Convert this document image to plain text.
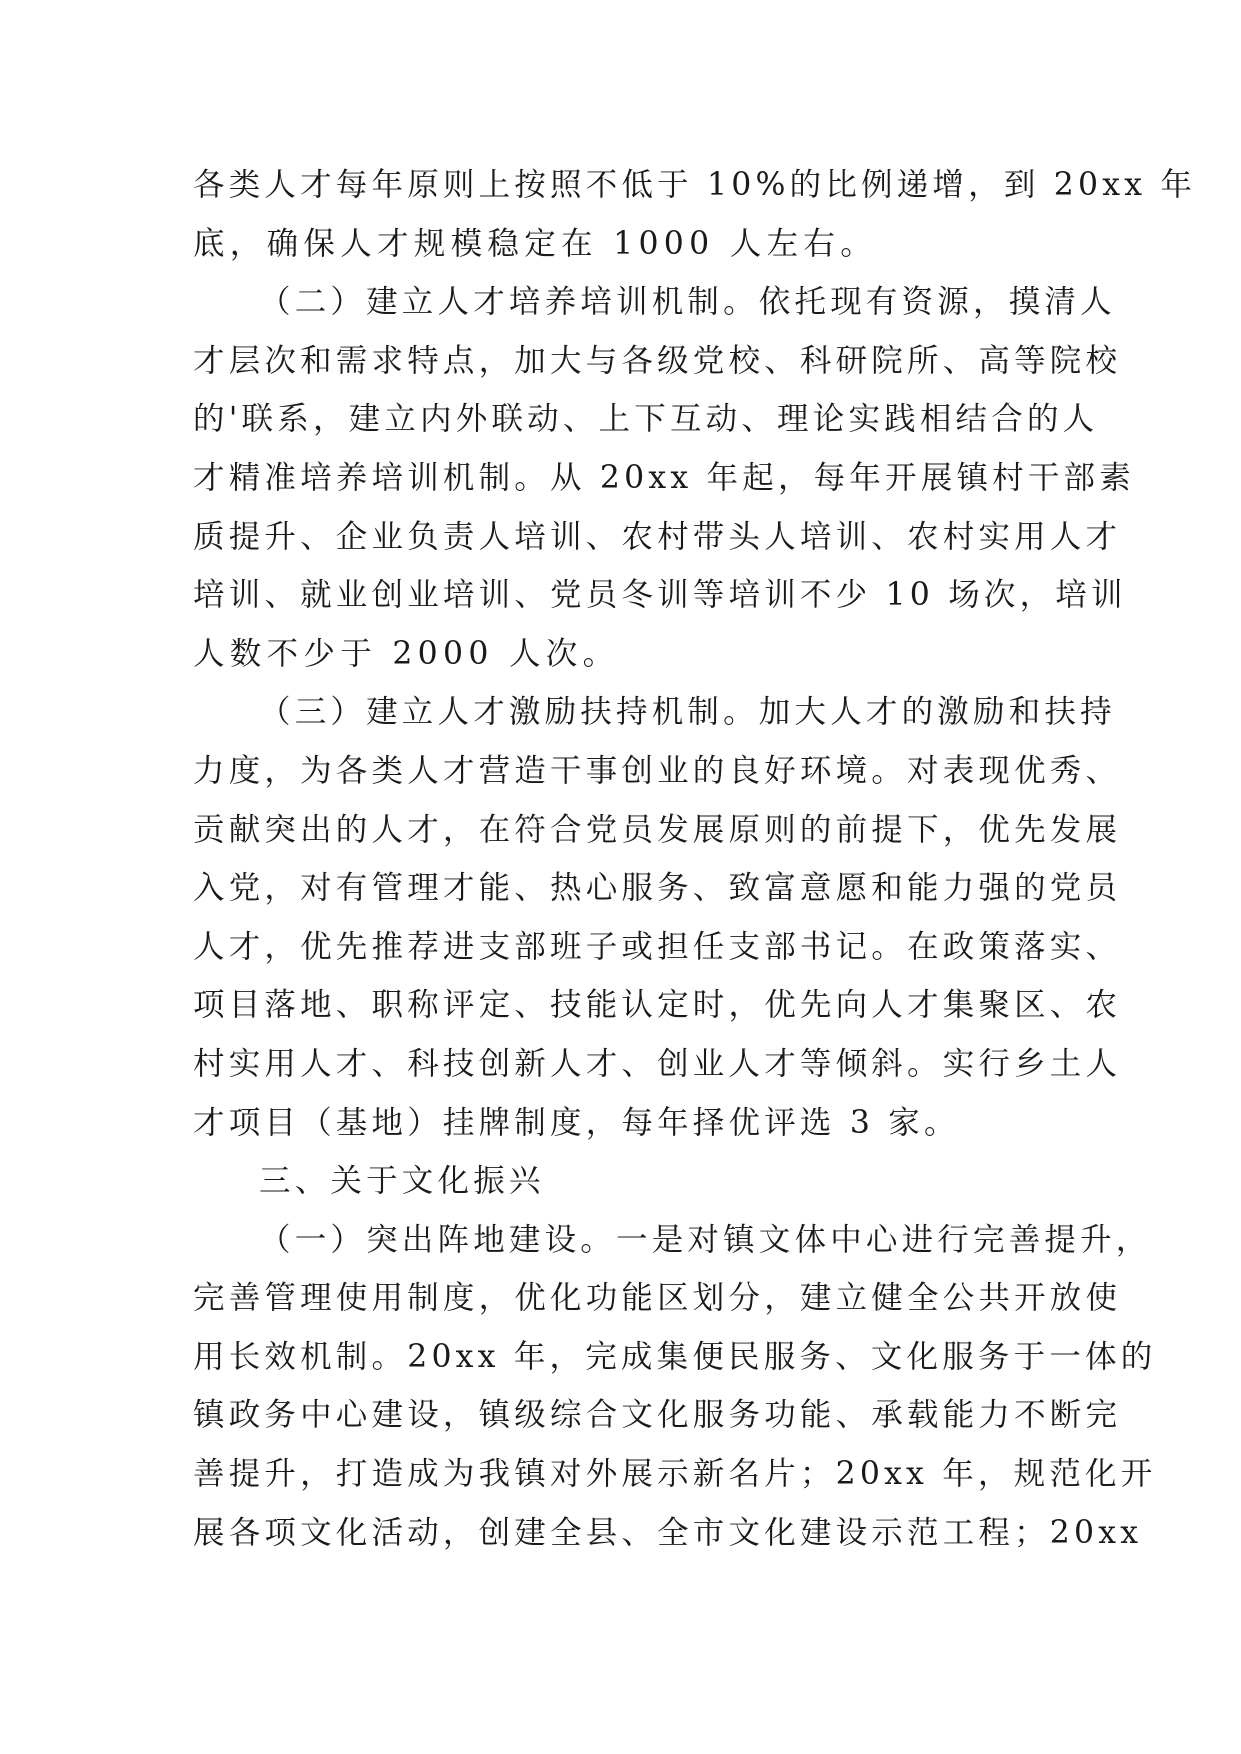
各类人才每年原则上按照不低于 10%的比例递增，到 20xx 年
底，确保人才规模稳定在 1000 人左右。
（二）建立人才培养培训机制。依托现有资源，摸清人
才层次和需求特点，加大与各级党校、科研院所、高等院校
的'联系，建立内外联动、上下互动、理论实践相结合的人
才精准培养培训机制。从 20xx 年起，每年开展镇村干部素
质提升、企业负责人培训、农村带头人培训、农村实用人才
培训、就业创业培训、党员冬训等培训不少 10 场次，培训
人数不少于 2000 人次。
（三）建立人才激励扶持机制。加大人才的激励和扶持
力度，为各类人才营造干事创业的良好环境。对表现优秀、
贡献突出的人才，在符合党员发展原则的前提下，优先发展
入党，对有管理才能、热心服务、致富意愿和能力强的党员
人才，优先推荐进支部班子或担任支部书记。在政策落实、
项目落地、职称评定、技能认定时，优先向人才集聚区、农
村实用人才、科技创新人才、创业人才等倾斜。实行乡土人
才项目（基地）挂牌制度，每年择优评选 3 家。
三、关于文化振兴
（一）突出阵地建设。一是对镇文体中心进行完善提升，
完善管理使用制度，优化功能区划分，建立健全公共开放使
用长效机制。20xx 年，完成集便民服务、文化服务于一体的
镇政务中心建设，镇级综合文化服务功能、承载能力不断完
善提升，打造成为我镇对外展示新名片；20xx 年，规范化开
展各项文化活动，创建全县、全市文化建设示范工程；20xx
